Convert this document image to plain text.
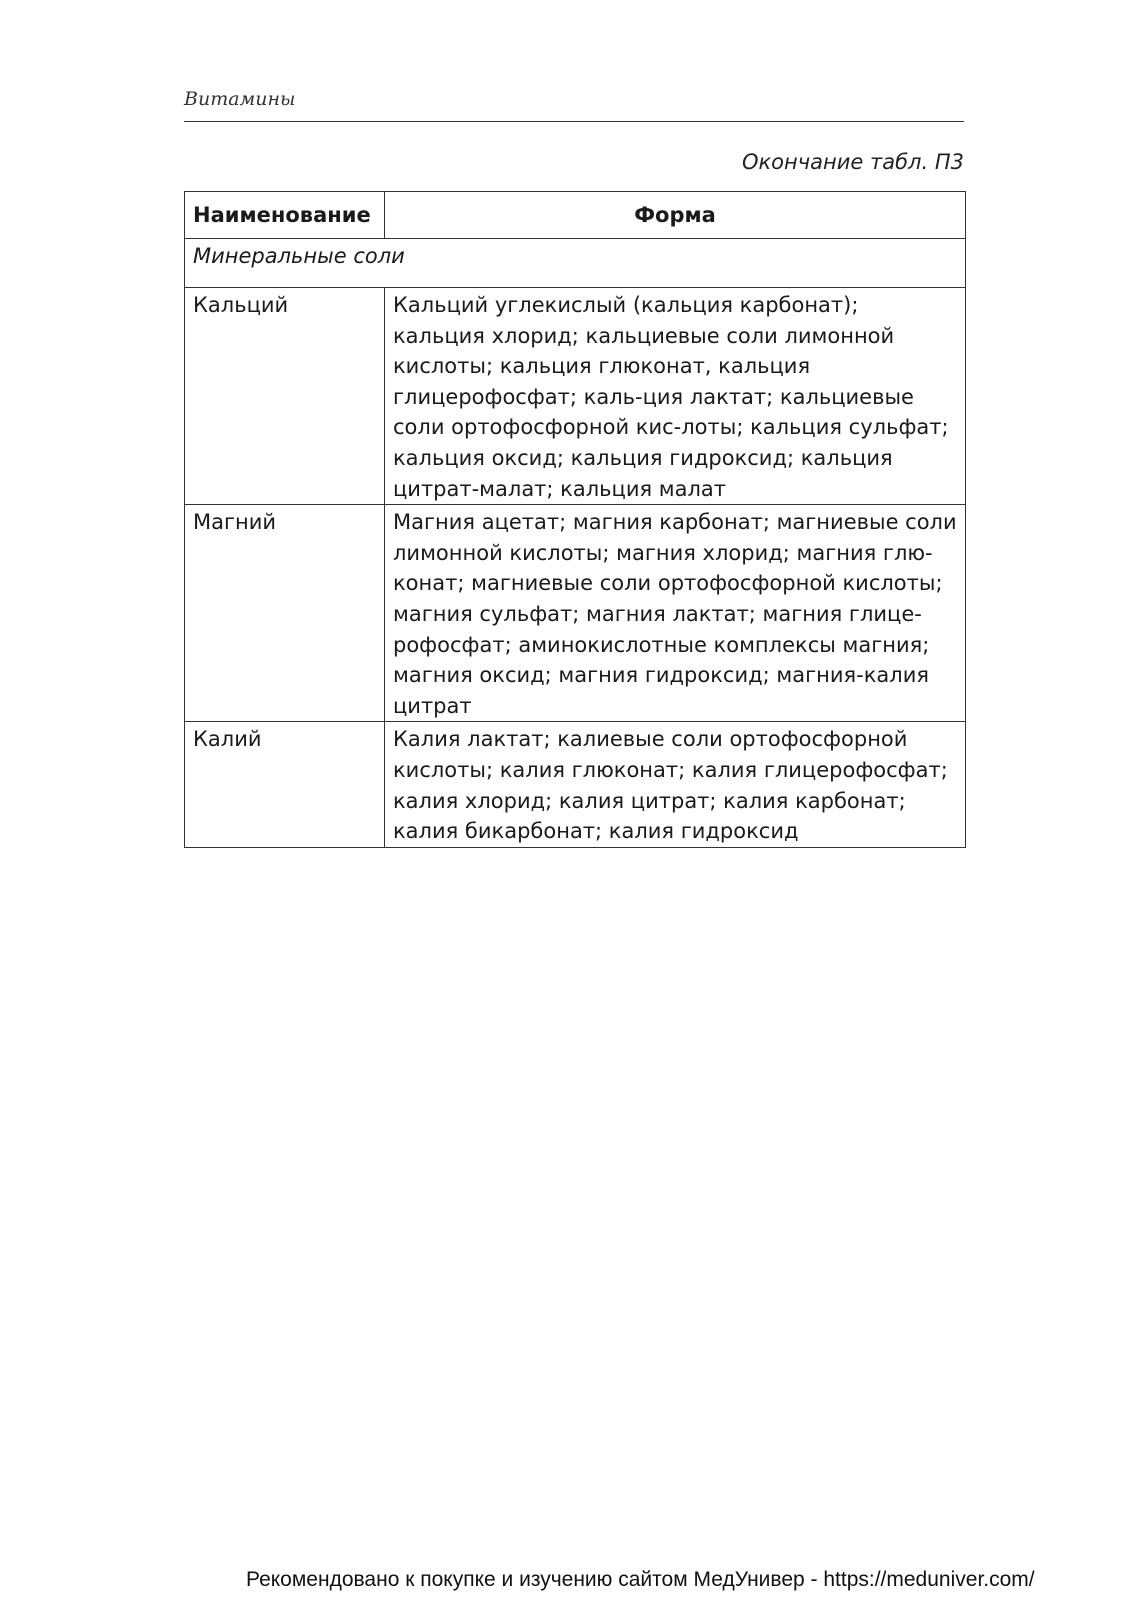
Витамины
Окончание табл. П3
Наименование	Форма
Минеральные соли	
Кальций	Кальций углекислый (кальция карбонат); кальция хлорид; кальциевые соли лимонной кислоты; кальция глюконат, кальция глицерофосфат; каль-ция лактат; кальциевые соли ортофосфорной кис-лоты; кальция сульфат; кальция оксид; кальция гидроксид; кальция цитрат-малат; кальция малат
Магний	Магния ацетат; магния карбонат; магниевые соли лимонной кислоты; магния хлорид; магния глю-конат; магниевые соли ортофосфорной кислоты; магния сульфат; магния лактат; магния глице-рофосфат; аминокислотные комплексы магния; магния оксид; магния гидроксид; магния-калия цитрат
Калий	Калия лактат; калиевые соли ортофосфорной кислоты; калия глюконат; калия глицерофосфат; калия хлорид; калия цитрат; калия карбонат; калия бикарбонат; калия гидроксид
Рекомендовано к покупке и изучению сайтом МедУнивер - https://meduniver.com/
